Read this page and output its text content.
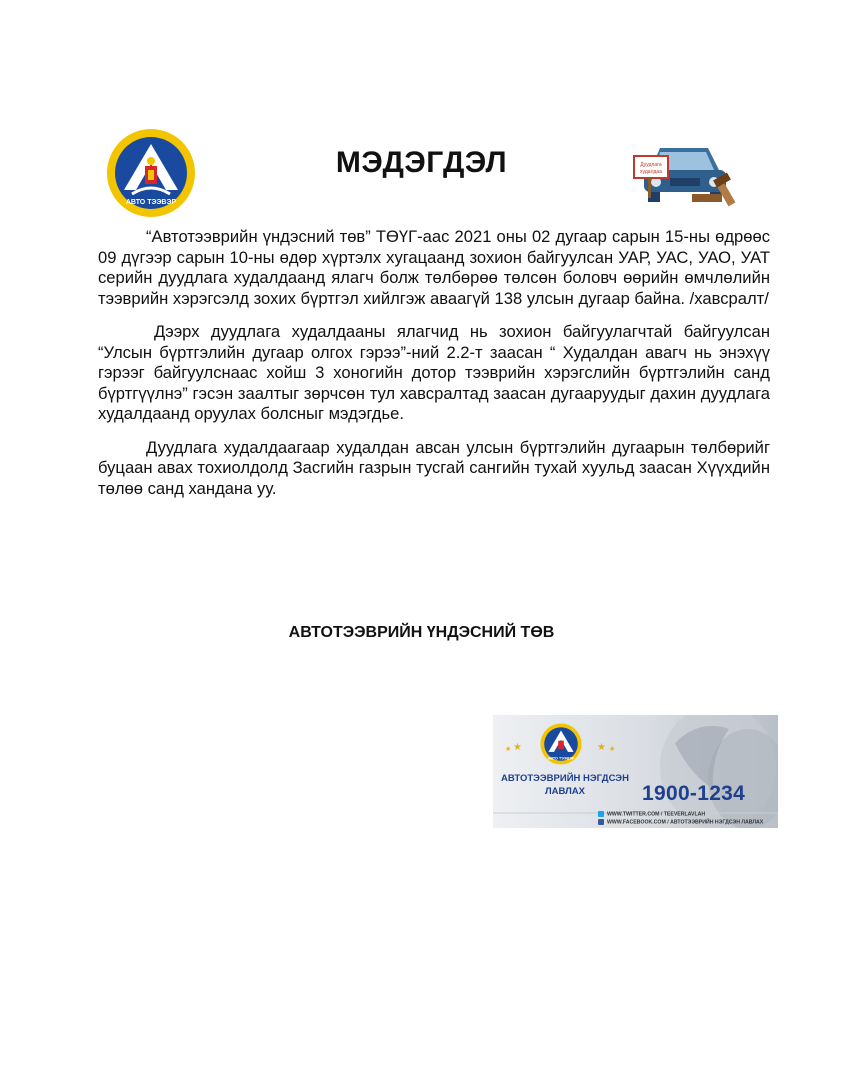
АВТО ТЭЭВЭР
МЭДЭГДЭЛ	Дуудлага
худалдаа

“Автотээврийн үндэсний төв” ТӨҮГ-аас 2021 оны 02 дугаар сарын 15-ны өдрөөс 09 дүгээр сарын 10-ны өдөр хүртэлх хугацаанд зохион байгуулсан УАР, УАС, УАО, УАТ серийн дуудлага худалдаанд ялагч болж төлбөрөө төлсөн боловч өөрийн өмчлөлийн тээврийн хэрэгсэлд зохих бүртгэл хийлгэж аваагүй 138 улсын дугаар байна. /хавсралт/

Дээрх дуудлага худалдааны ялагчид нь зохион байгуулагчтай байгуулсан “Улсын бүртгэлийн дугаар олгох гэрээ”-ний 2.2-т заасан “ Худалдан авагч нь энэхүү гэрээг байгуулснаас хойш 3 хоногийн дотор тээврийн хэрэгслийн бүртгэлийн санд бүртгүүлнэ” гэсэн заалтыг зөрчсөн тул хавсралтад заасан дугааруудыг дахин дуудлага худалдаанд оруулах болсныг мэдэгдье.

Дуудлага худалдаагаар худалдан авсан улсын бүртгэлийн дугаарын төлбөрийг буцаан авах тохиолдолд Засгийн газрын тусгай сангийн тухай хуульд заасан Хүүхдийн төлөө санд хандана уу.

АВТОТЭЭВРИЙН ҮНДЭСНИЙ ТӨВ
★	★
★	★
АВТО ТЭЭВЭР
АВТОТЭЭВРИЙН НЭГДСЭН ЛАВЛАХ	1900-1234
WWW.TWITTER.COM / TEEVERLAVLAH
WWW.FACEBOOK.COM / АВТОТЭЭВРИЙН НЭГДСЭН ЛАВЛАХ
